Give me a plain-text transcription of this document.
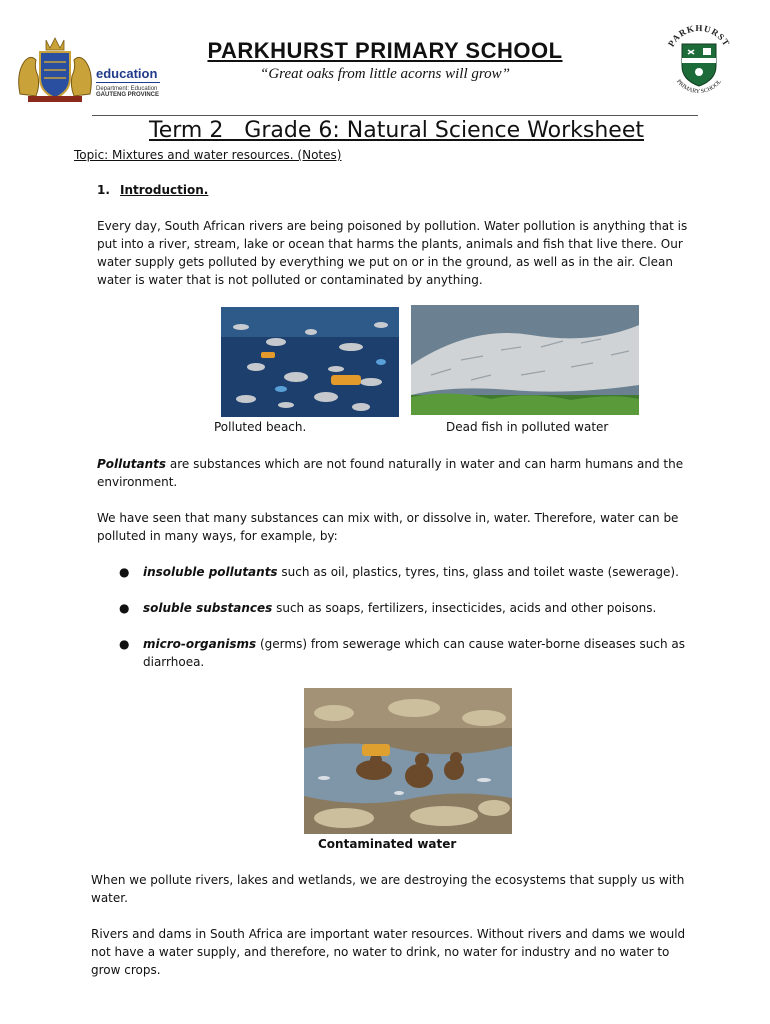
education
Department: Education
GAUTENG PROVINCE
PARKHURST PRIMARY SCHOOL
“Great oaks from little acorns will grow”
PARKHURST
PRIMARY SCHOOL
Term 2   Grade 6: Natural Science Worksheet
Topic: Mixtures and water resources. (Notes)
1. Introduction.

Every day, South African rivers are being poisoned by pollution. Water pollution is anything that is put into a river, stream, lake or ocean that harms the plants, animals and fish that live there. Our water supply gets polluted by everything we put on or in the ground, as well as in the air. Clean water is water that is not polluted or contaminated by anything.

Polluted beach.	Dead fish in polluted water

Pollutants are substances which are not found naturally in water and can harm humans and the environment.

We have seen that many substances can mix with, or dissolve in, water. Therefore, water can be polluted in many ways, for example, by:

● insoluble pollutants such as oil, plastics, tyres, tins, glass and toilet waste (sewerage).
● soluble substances such as soaps, fertilizers, insecticides, acids and other poisons.
● micro-organisms (germs) from sewerage which can cause water-borne diseases such as diarrhoea.
Contaminated water

When we pollute rivers, lakes and wetlands, we are destroying the ecosystems that supply us with water.

Rivers and dams in South Africa are important water resources. Without rivers and dams we would not have a water supply, and therefore, no water to drink, no water for industry and no water to grow crops.
